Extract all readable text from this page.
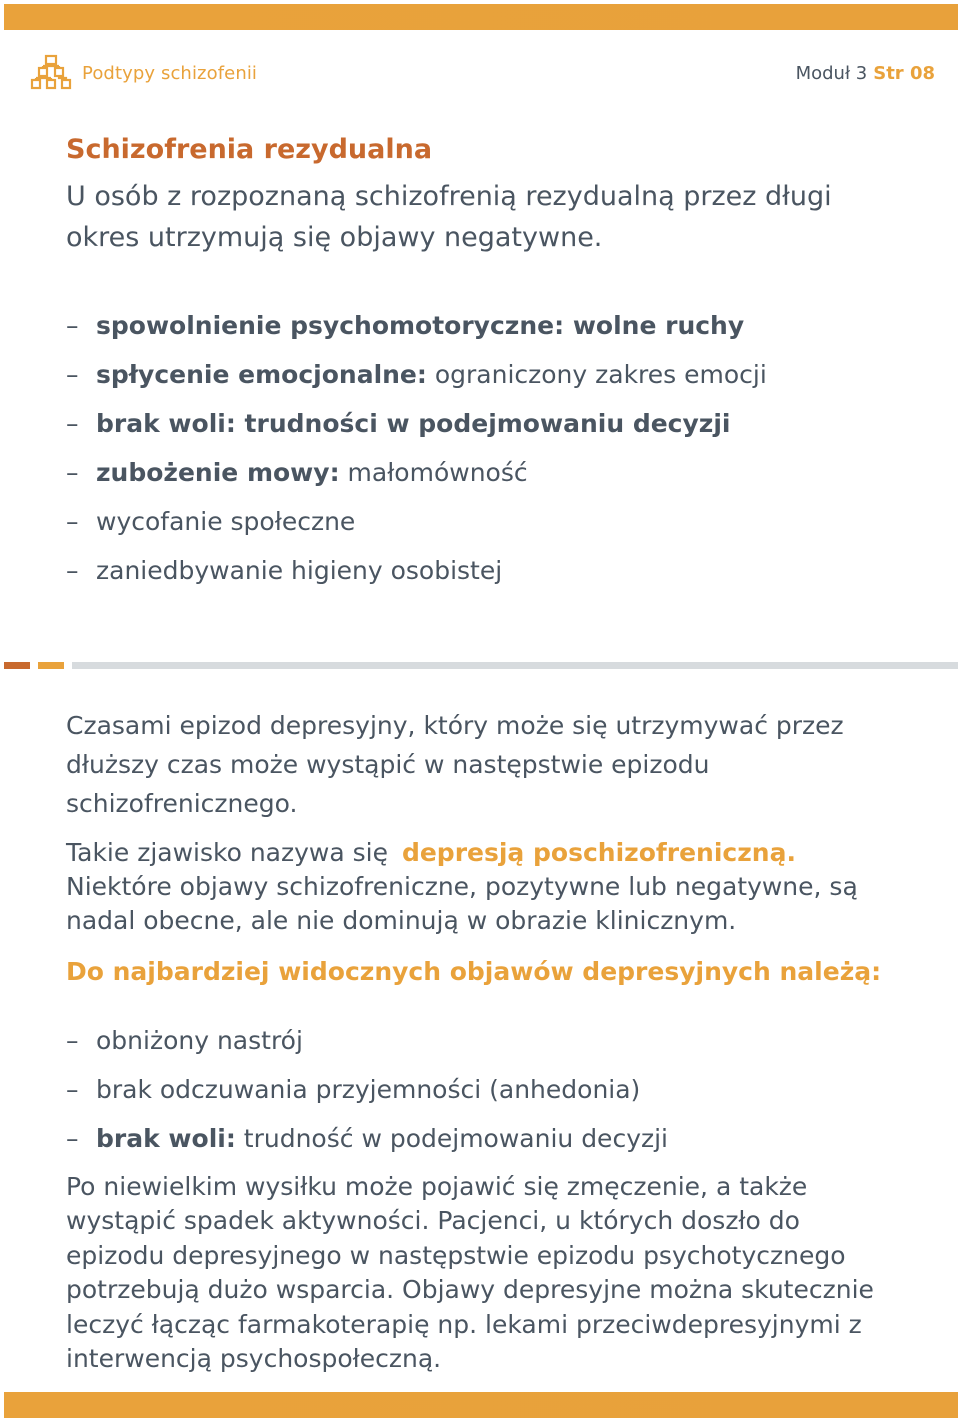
Podtypy schizofenii	Moduł 3 Str 08
Schizofrenia rezydualna
U osób z rozpoznaną schizofrenią rezydualną przez długi okres utrzymują się objawy negatywne.
– spowolnienie psychomotoryczne: wolne ruchy
– spłycenie emocjonalne: ograniczony zakres emocji
– brak woli: trudności w podejmowaniu decyzji
– zubożenie mowy: małomówność
– wycofanie społeczne
– zaniedbywanie higieny osobistej
Czasami epizod depresyjny, który może się utrzymywać przez dłuższy czas może wystąpić w następstwie epizodu schizofrenicznego.
Takie zjawisko nazywa się depresją poschizofreniczną.
Niektóre objawy schizofreniczne, pozytywne lub negatywne, są nadal obecne, ale nie dominują w obrazie klinicznym.
Do najbardziej widocznych objawów depresyjnych należą:
– obniżony nastrój
– brak odczuwania przyjemności (anhedonia)
– brak woli: trudność w podejmowaniu decyzji
Po niewielkim wysiłku może pojawić się zmęczenie, a także wystąpić spadek aktywności. Pacjenci, u których doszło do epizodu depresyjnego w następstwie epizodu psychotycznego potrzebują dużo wsparcia. Objawy depresyjne można skutecznie leczyć łącząc farmakoterapię np. lekami przeciwdepresyjnymi z interwencją psychospołeczną.
